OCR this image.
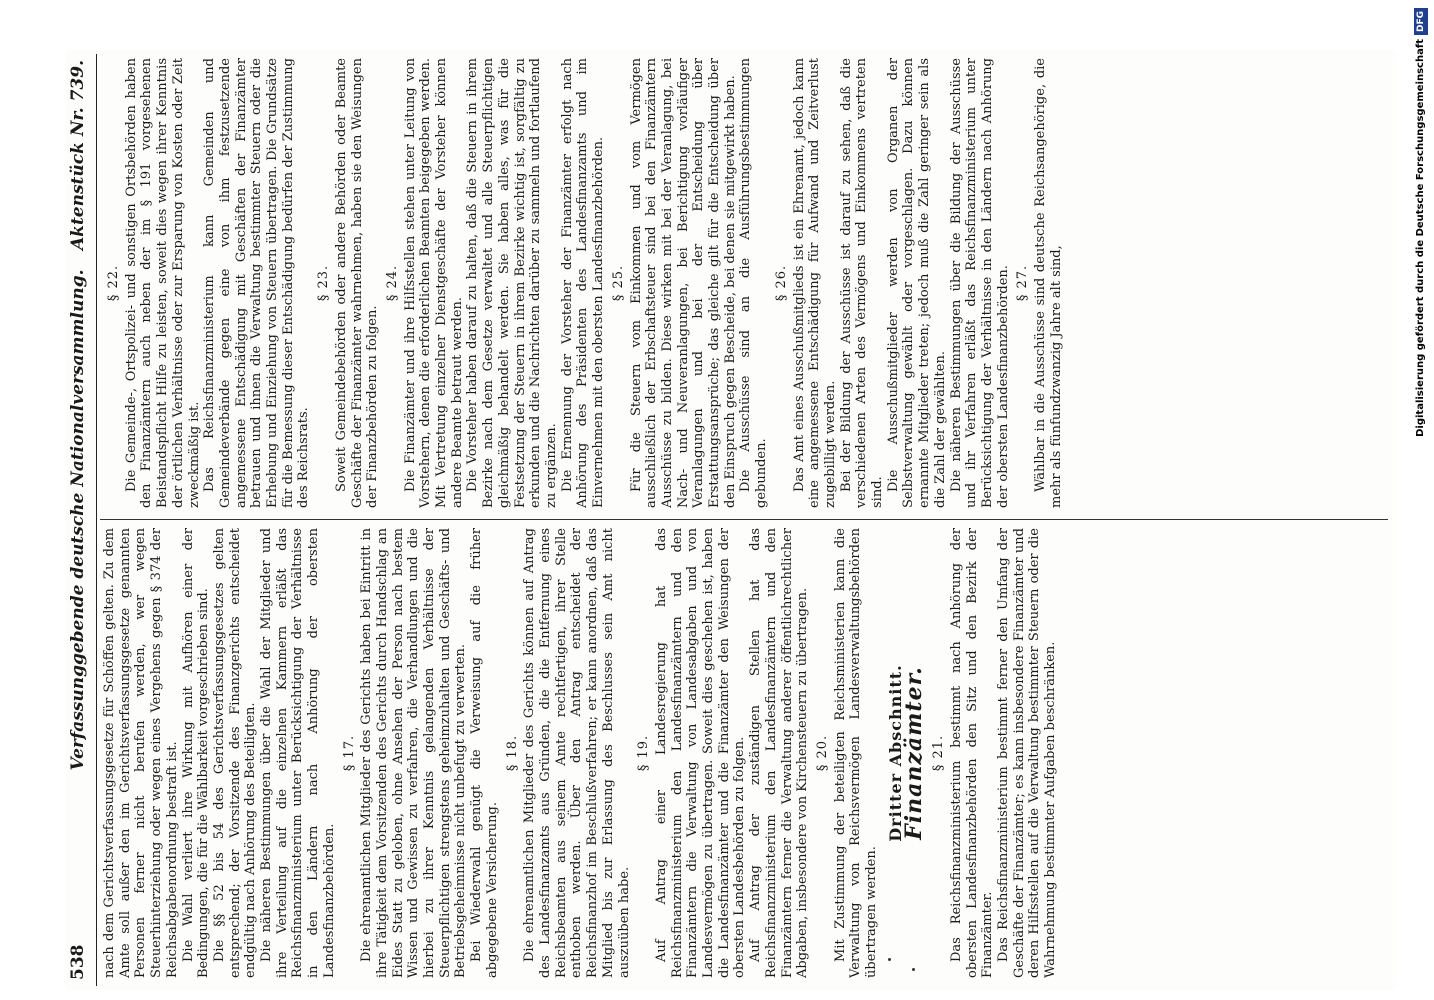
538
Verfassunggebende deutsche Nationalversammlung.
Aktenstück Nr. 739.

nach dem Gerichtsverfassungsgesetze für Schöffen gelten. Zu dem Amte soll außer den im Gerichtsverfassungsgesetze genannten Personen ferner nicht berufen werden, wer wegen Steuerhinterziehung oder wegen eines Vergehens gegen § 374 der Reichsabgabenordnung bestraft ist. Die Wahl verliert ihre Wirkung mit Aufhören einer der Bedingungen, die für die Wählbarkeit vorgeschrieben sind. Die §§ 52 bis 54 des Gerichtsverfassungsgesetzes gelten entsprechend; der Vorsitzende des Finanzgerichts entscheidet endgültig nach Anhörung des Beteiligten. Die näheren Bestimmungen über die Wahl der Mitglieder und ihre Verteilung auf die einzelnen Kammern erläßt das Reichsfinanzministerium unter Berücksichtigung der Verhältnisse in den Ländern nach Anhörung der obersten Landesfinanzbehörden.

§ 17. Die ehrenamtlichen Mitglieder des Gerichts haben bei Eintritt in ihre Tätigkeit dem Vorsitzenden des Gerichts durch Handschlag an Eides Statt zu geloben, ohne Ansehen der Person nach bestem Wissen und Gewissen zu verfahren, die Verhandlungen und die hierbei zu ihrer Kenntnis gelangenden Verhältnisse der Steuerpflichtigen strengstens geheimzuhalten und Geschäfts- und Betriebsgeheimnisse nicht unbefugt zu verwerten. Bei Wiederwahl genügt die Verweisung auf die früher abgegebene Versicherung.

§ 18. Die ehrenamtlichen Mitglieder des Gerichts können auf Antrag des Landesfinanzamts aus Gründen, die die Entfernung eines Reichsbeamten aus seinem Amte rechtfertigen, ihrer Stelle enthoben werden. Über den Antrag entscheidet der Reichsfinanzhof im Beschlußverfahren; er kann anordnen, daß das Mitglied bis zur Erlassung des Beschlusses sein Amt nicht auszuüben habe.

§ 19. Auf Antrag einer Landesregierung hat das Reichsfinanzministerium den Landesfinanzämtern und den Finanzämtern die Verwaltung von Landesabgaben und von Landesvermögen zu übertragen. Soweit dies geschehen ist, haben die Landesfinanzämter und die Finanzämter den Weisungen der obersten Landesbehörden zu folgen. Auf Antrag der zuständigen Stellen hat das Reichsfinanzministerium den Landesfinanzämtern und den Finanzämtern ferner die Verwaltung anderer öffentlichrechtlicher Abgaben, insbesondere von Kirchensteuern zu übertragen. § 20. Mit Zustimmung der beteiligten Reichsministerien kann die Verwaltung von Reichsvermögen Landesverwaltungsbehörden übertragen werden.

Dritter Abschnitt.
Finanzämter. § 21. Das Reichsfinanzministerium bestimmt nach Anhörung der obersten Landesfinanzbehörden den Sitz und den Bezirk der Finanzämter. Das Reichsfinanzministerium bestimmt ferner den Umfang der Geschäfte der Finanzämter; es kann insbesondere Finanzämter und deren Hilfsstellen auf die Verwaltung bestimmter Steuern oder die Wahrnehmung bestimmter Aufgaben beschränken.

§ 22. Die Gemeinde-, Ortspolizei- und sonstigen Ortsbehörden haben den Finanzämtern auch neben der im § 191 vorgesehenen Beistandspflicht Hilfe zu leisten, soweit dies wegen ihrer Kenntnis der örtlichen Verhältnisse oder zur Ersparung von Kosten oder Zeit zweckmäßig ist. Das Reichsfinanzministerium kann Gemeinden und Gemeindeverbände gegen eine von ihm festzusetzende angemessene Entschädigung mit Geschäften der Finanzämter betrauen und ihnen die Verwaltung bestimmter Steuern oder die Erhebung und Einziehung von Steuern übertragen. Die Grundsätze für die Bemessung dieser Entschädigung bedürfen der Zustimmung des Reichsrats.

§ 23. Soweit Gemeindebehörden oder andere Behörden oder Beamte Geschäfte der Finanzämter wahrnehmen, haben sie den Weisungen der Finanzbehörden zu folgen.

§ 24. Die Finanzämter und ihre Hilfsstellen stehen unter Leitung von Vorstehern, denen die erforderlichen Beamten beigegeben werden. Mit Vertretung einzelner Dienstgeschäfte der Vorsteher können andere Beamte betraut werden. Die Vorsteher haben darauf zu halten, daß die Steuern in ihrem Bezirke nach dem Gesetze verwaltet und alle Steuerpflichtigen gleichmäßig behandelt werden. Sie haben alles, was für die Festsetzung der Steuern in ihrem Bezirke wichtig ist, sorgfältig zu erkunden und die Nachrichten darüber zu sammeln und fortlaufend zu ergänzen. Die Ernennung der Vorsteher der Finanzämter erfolgt nach Anhörung des Präsidenten des Landesfinanzamts und im Einvernehmen mit den obersten Landesfinanzbehörden. § 25. Für die Steuern vom Einkommen und vom Vermögen ausschließlich der Erbschaftsteuer sind bei den Finanzämtern Ausschüsse zu bilden. Diese wirken mit bei der Veranlagung, bei Nach- und Neuveranlagungen, bei Berichtigung vorläufiger Veranlagungen und bei der Entscheidung über Erstattungsansprüche; das gleiche gilt für die Entscheidung über den Einspruch gegen Bescheide, bei denen sie mitgewirkt haben. Die Ausschüsse sind an die Ausführungsbestimmungen gebunden.

§ 26. Das Amt eines Ausschußmitglieds ist ein Ehrenamt, jedoch kann eine angemessene Entschädigung für Aufwand und Zeitverlust zugebilligt werden. Bei der Bildung der Ausschüsse ist darauf zu sehen, daß die verschiedenen Arten des Vermögens und Einkommens vertreten sind.

Die Ausschußmitglieder werden von Organen der Selbstverwaltung gewählt oder vorgeschlagen. Dazu können ernannte Mitglieder treten; jedoch muß die Zahl geringer sein als die Zahl der gewählten. Die näheren Bestimmungen über die Bildung der Ausschüsse und ihr Verfahren erläßt das Reichsfinanzministerium unter Berücksichtigung der Verhältnisse in den Ländern nach Anhörung der obersten Landesfinanzbehörden. § 27. Wählbar in die Ausschüsse sind deutsche Reichsangehörige, die mehr als fünfundzwanzig Jahre alt sind,	Digitalisierung gefördert durch die Deutsche ForschungsgemeinschaftDFG
